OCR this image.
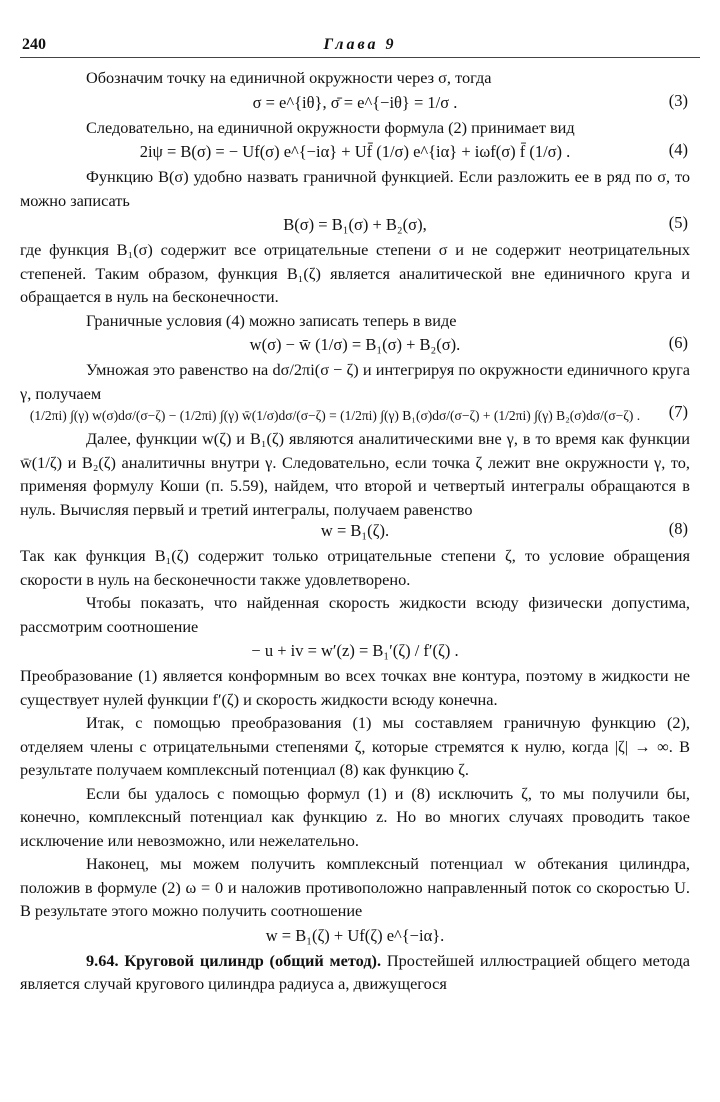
240	Глава 9

Обозначим точку на единичной окружности через σ, тогда

σ = e^{iθ}, σ̄ = e^{−iθ} = 1/σ .	(3)

Следовательно, на единичной окружности формула (2) принимает вид

2iψ = B(σ) = − Uf(σ) e^{−iα} + Uf̄ (1/σ) e^{iα} + iωf(σ) f̄ (1/σ) .	(4)

Функцию B(σ) удобно назвать граничной функцией. Если разложить ее в ряд по σ, то можно записать

B(σ) = B₁(σ) + B₂(σ),	(5)

где функция B₁(σ) содержит все отрицательные степени σ и не содержит неотрицательных степеней. Таким образом, функция B₁(ζ) является аналитической вне единичного круга и обращается в нуль на бесконечности.

Граничные условия (4) можно записать теперь в виде

w(σ) − w̄ (1/σ) = B₁(σ) + B₂(σ).	(6)

Умножая это равенство на dσ/2πi(σ − ζ) и интегрируя по окружности единичного круга γ, получаем

(1/2πi) ∫(γ) w(σ)dσ/(σ−ζ) − (1/2πi) ∫(γ) w̄(1/σ)dσ/(σ−ζ) = (1/2πi) ∫(γ) B₁(σ)dσ/(σ−ζ) + (1/2πi) ∫(γ) B₂(σ)dσ/(σ−ζ) . (7)

Далее, функции w(ζ) и B₁(ζ) являются аналитическими вне γ, в то время как функции w̄(1/ζ) и B₂(ζ) аналитичны внутри γ. Следовательно, если точка ζ лежит вне окружности γ, то, применяя формулу Коши (п. 5.59), найдем, что второй и четвертый интегралы обращаются в нуль. Вычисляя первый и третий интегралы, получаем равенство

w = B₁(ζ).	(8)

Так как функция B₁(ζ) содержит только отрицательные степени ζ, то условие обращения скорости в нуль на бесконечности также удовлетворено.

Чтобы показать, что найденная скорость жидкости всюду физически допустима, рассмотрим соотношение

− u + iv = w′(z) = B₁′(ζ) / f′(ζ) .

Преобразование (1) является конформным во всех точках вне контура, поэтому в жидкости не существует нулей функции f′(ζ) и скорость жидкости всюду конечна.

Итак, с помощью преобразования (1) мы составляем граничную функцию (2), отделяем члены с отрицательными степенями ζ, которые стремятся к нулю, когда |ζ| → ∞. В результате получаем комплексный потенциал (8) как функцию ζ.

Если бы удалось с помощью формул (1) и (8) исключить ζ, то мы получили бы, конечно, комплексный потенциал как функцию z. Но во многих случаях проводить такое исключение или невозможно, или нежелательно.

Наконец, мы можем получить комплексный потенциал w обтекания цилиндра, положив в формуле (2) ω = 0 и наложив противоположно направленный поток со скоростью U. В результате этого можно получить соотношение

w = B₁(ζ) + Uf(ζ) e^{−iα}.

9.64. Круговой цилиндр (общий метод). Простейшей иллюстрацией общего метода является случай кругового цилиндра радиуса a, движущегося
